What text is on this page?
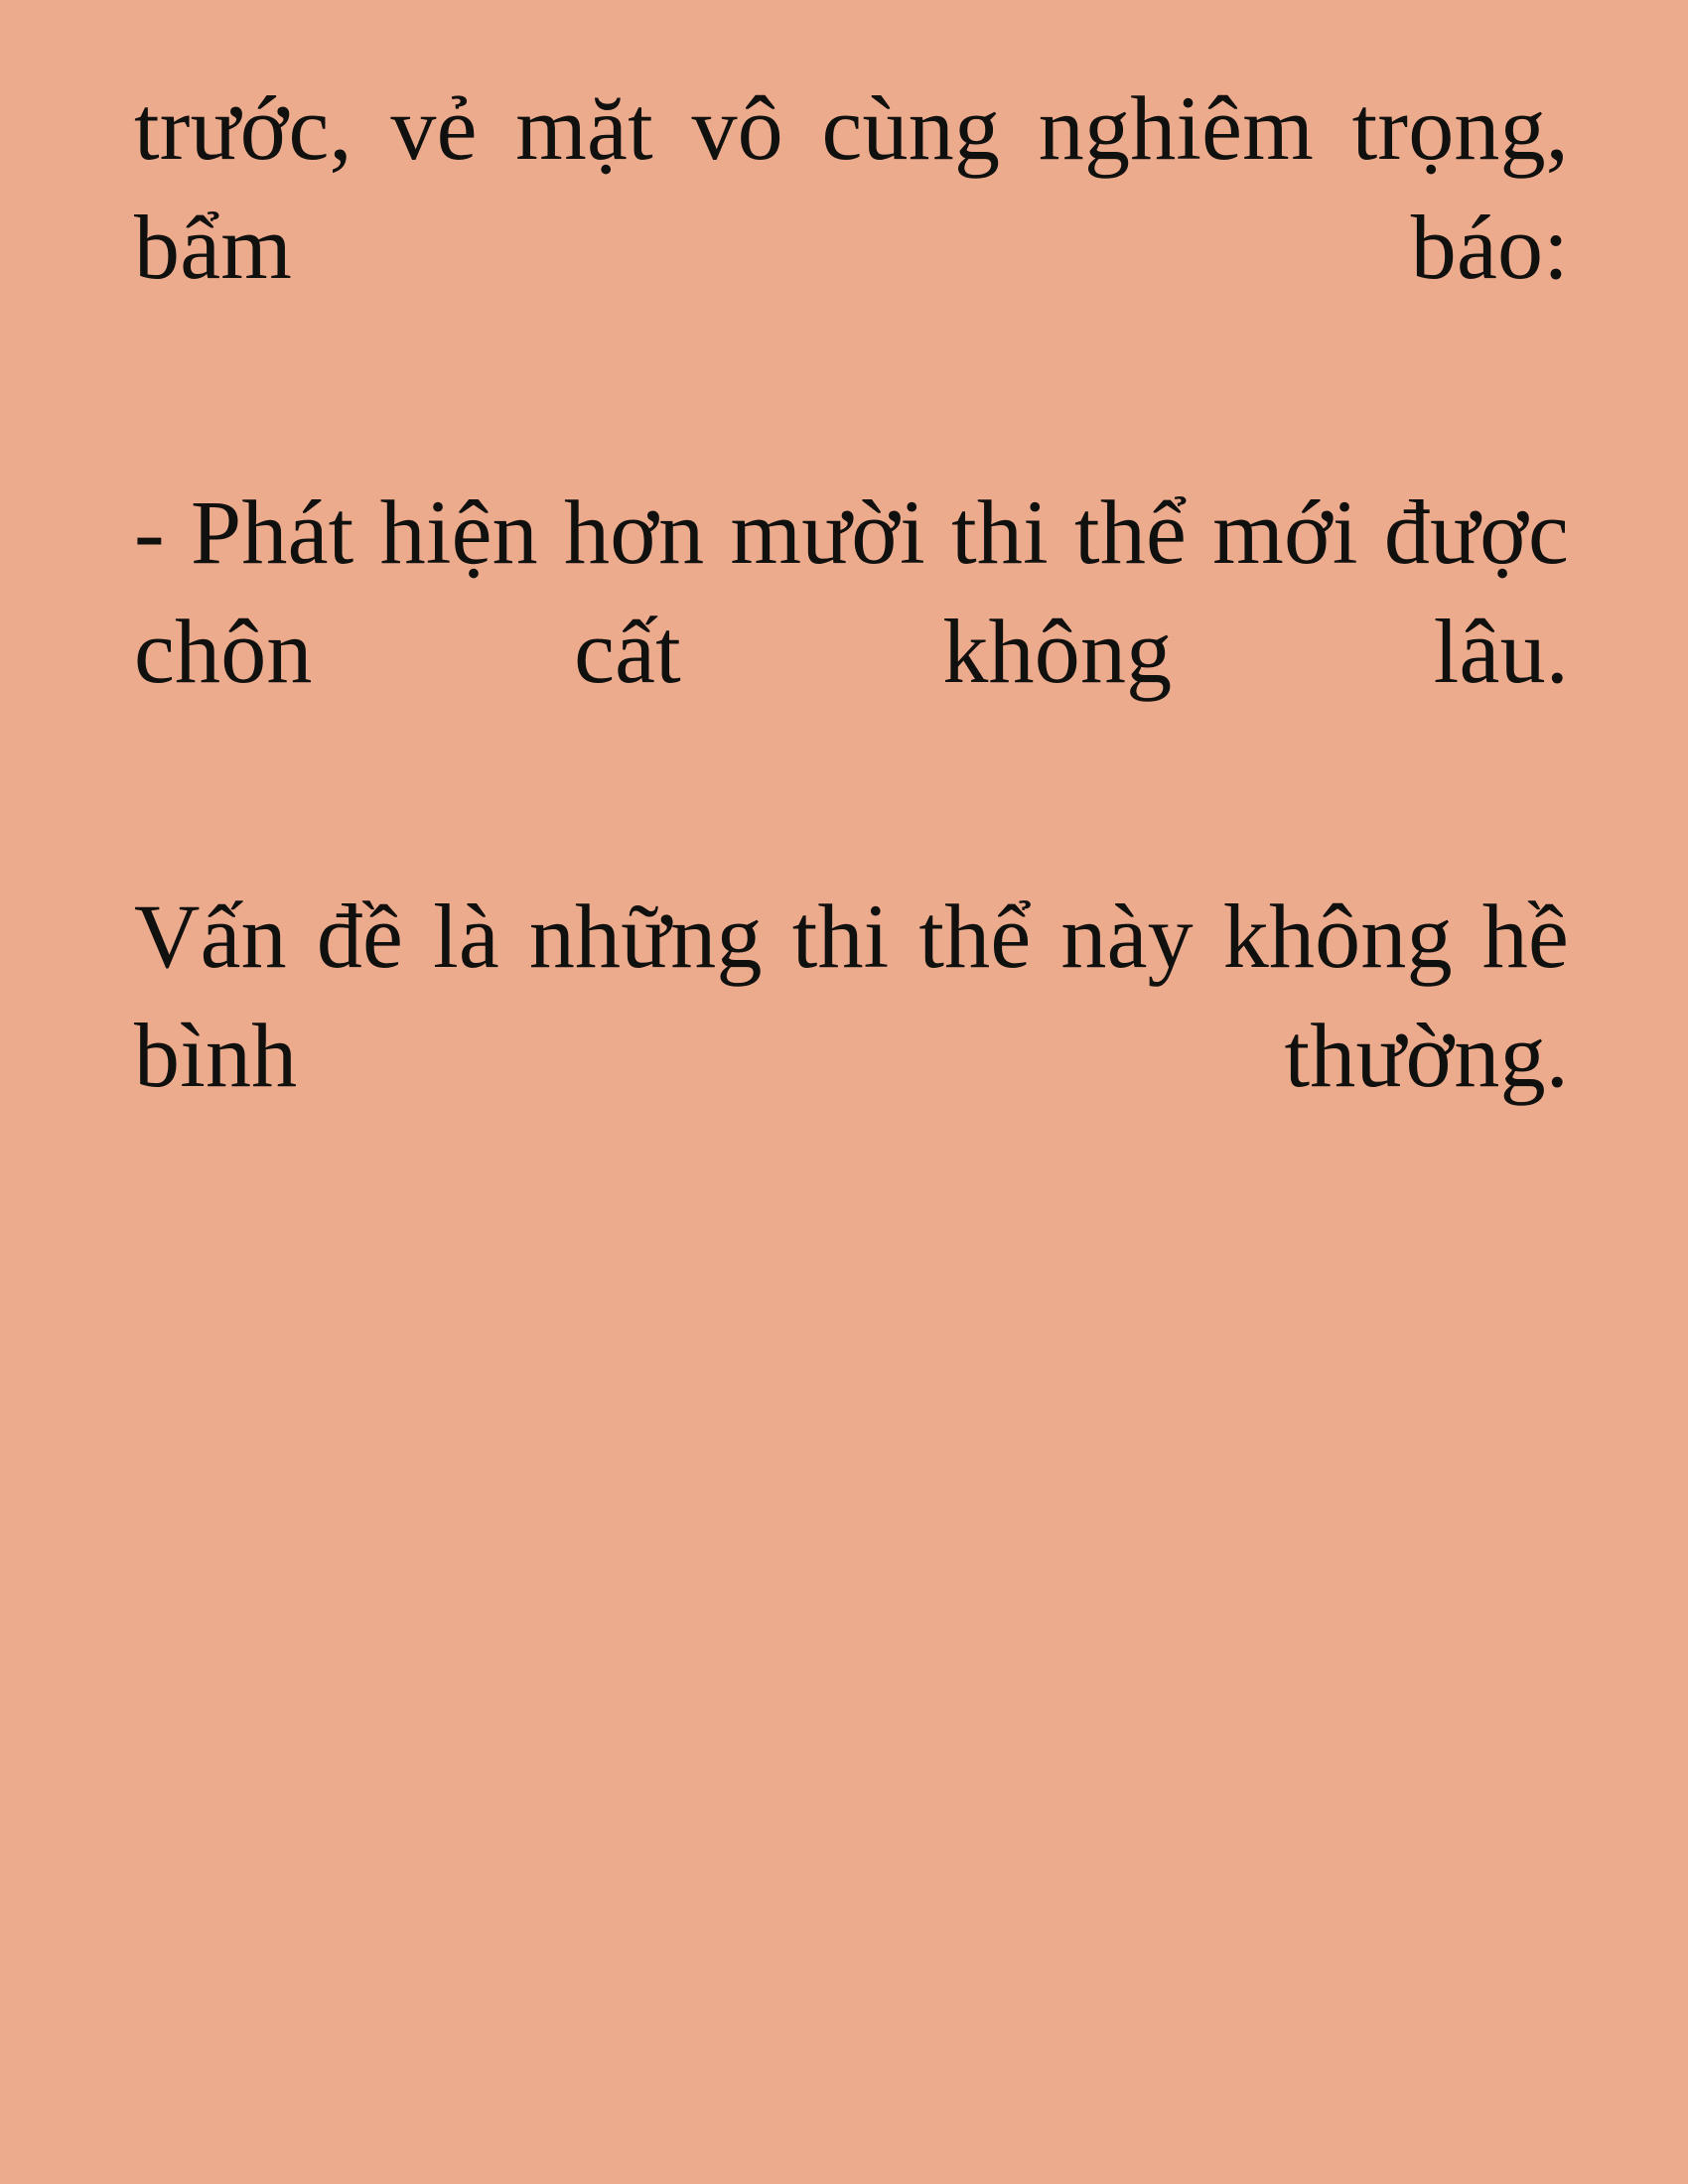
trước, vẻ mặt vô cùng nghiêm trọng, bẩm báo:

- Phát hiện hơn mười thi thể mới được chôn cất không lâu.

Vấn đề là những thi thể này không hề bình thường.
